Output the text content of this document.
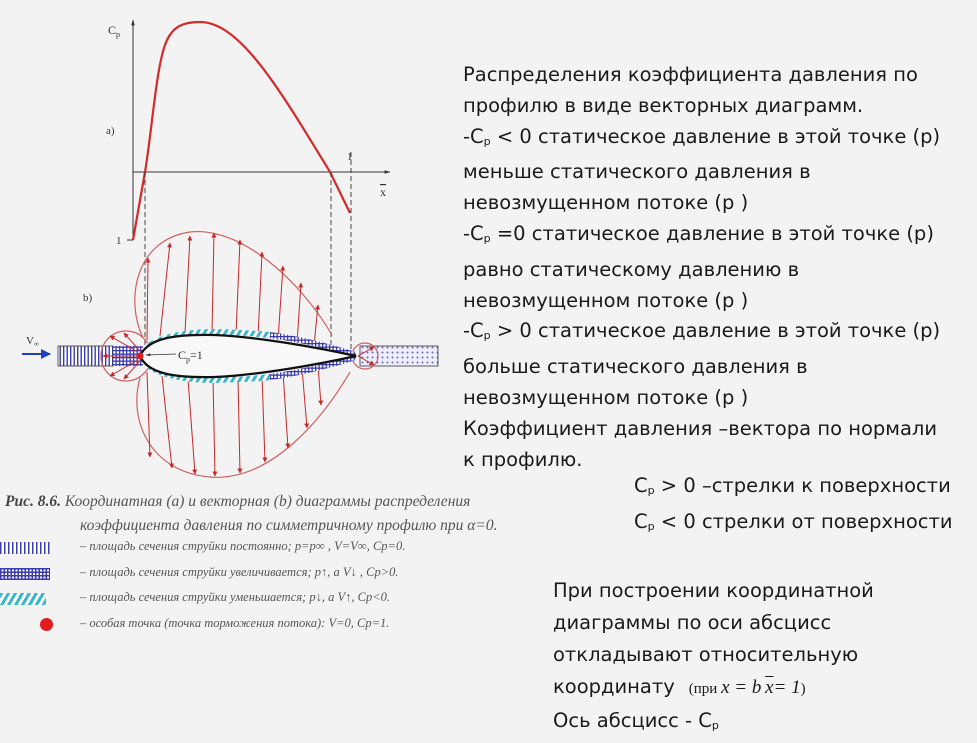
$C_p$
x
a)
b)
1
1
$C_p=1$
V∞
Распределения коэффициента давления по
профилю в виде векторных диаграмм.
$-C_p < 0$ статическое давление в этой точке (p)
меньше статического давления в
невозмущенном потоке (p )
$-C_p =0$ статическое давление в этой точке (p)
равно статическому давлению в
невозмущенном потоке (p )
$-C_p > 0$ статическое давление в этой точке (p)
больше статического давления в
невозмущенном потоке (p )
Коэффициент давления –вектора по нормали
к профилю.
$C_p > 0$ –стрелки к поверхности
$C_p < 0$ стрелки от поверхности
При построении координатной
диаграммы по оси абсцисс
откладывают относительную
координату (при x = b $\overline{x}= 1$)
Ось абсцисс - $C_p$
Рис. 8.6. Координатная (а) и векторная (b) диаграммы распределения
коэффициента давления по симметричному профилю при α=0.
– площадь сечения струйки постоянно; p=p∞ , V=V∞, Cp=0.
– площадь сечения струйки увеличивается; p↑, a V↓ , Cp>0.
– площадь сечения струйки уменьшается; p↓, a V↑, Cp<0.
– особая точка (точка торможения потока): V=0, Cp=1.
